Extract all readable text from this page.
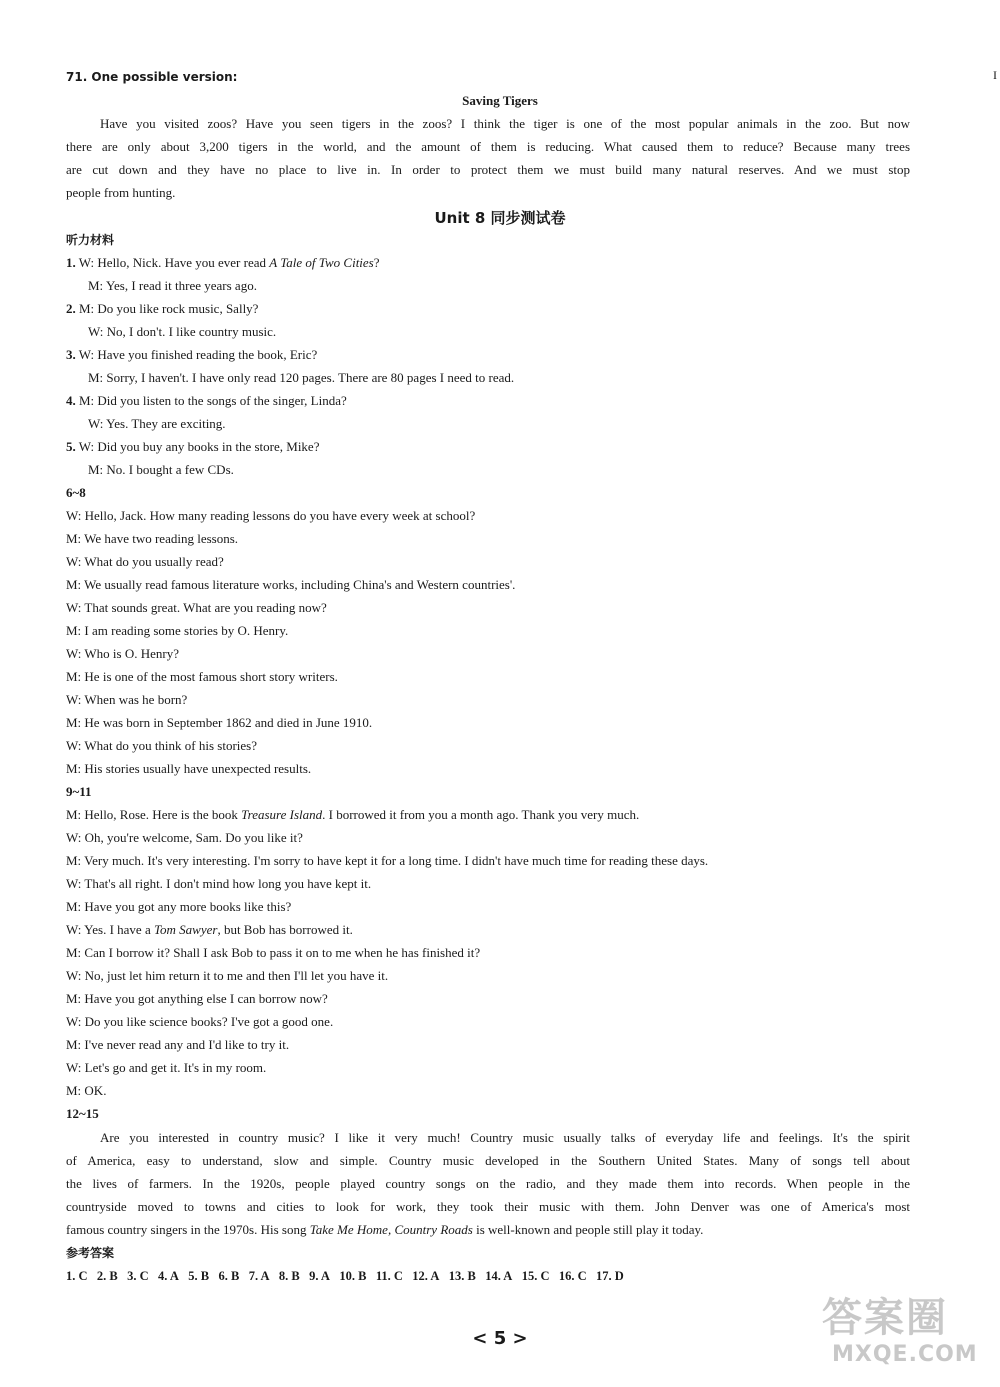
71. One possible version:	I
Saving Tigers
Have you visited zoos? Have you seen tigers in the zoos? I think the tiger is one of the most popular animals in the zoo. But now
there are only about 3,200 tigers in the world, and the amount of them is reducing. What caused them to reduce? Because many trees
are cut down and they have no place to live in. In order to protect them we must build many natural reserves. And we must stop
people from hunting.
Unit 8 同步测试卷
听力材料
1. W: Hello, Nick. Have you ever read A Tale of Two Cities?
M: Yes, I read it three years ago.
2. M: Do you like rock music, Sally?
W: No, I don't. I like country music.
3. W: Have you finished reading the book, Eric?
M: Sorry, I haven't. I have only read 120 pages. There are 80 pages I need to read.
4. M: Did you listen to the songs of the singer, Linda?
W: Yes. They are exciting.
5. W: Did you buy any books in the store, Mike?
M: No. I bought a few CDs.
6~8
W: Hello, Jack. How many reading lessons do you have every week at school?
M: We have two reading lessons.
W: What do you usually read?
M: We usually read famous literature works, including China's and Western countries'.
W: That sounds great. What are you reading now?
M: I am reading some stories by O. Henry.
W: Who is O. Henry?
M: He is one of the most famous short story writers.
W: When was he born?
M: He was born in September 1862 and died in June 1910.
W: What do you think of his stories?
M: His stories usually have unexpected results.
9~11
M: Hello, Rose. Here is the book Treasure Island. I borrowed it from you a month ago. Thank you very much.
W: Oh, you're welcome, Sam. Do you like it?
M: Very much. It's very interesting. I'm sorry to have kept it for a long time. I didn't have much time for reading these days.
W: That's all right. I don't mind how long you have kept it.
M: Have you got any more books like this?
W: Yes. I have a Tom Sawyer, but Bob has borrowed it.
M: Can I borrow it? Shall I ask Bob to pass it on to me when he has finished it?
W: No, just let him return it to me and then I'll let you have it.
M: Have you got anything else I can borrow now?
W: Do you like science books? I've got a good one.
M: I've never read any and I'd like to try it.
W: Let's go and get it. It's in my room.
M: OK.
12~15
Are you interested in country music? I like it very much! Country music usually talks of everyday life and feelings. It's the spirit
of America, easy to understand, slow and simple. Country music developed in the Southern United States. Many of songs tell about
the lives of farmers. In the 1920s, people played country songs on the radio, and they made them into records. When people in the
countryside moved to towns and cities to look for work, they took their music with them. John Denver was one of America's most
famous country singers in the 1970s. His song Take Me Home, Country Roads is well-known and people still play it today.
参考答案
1. C 2. B 3. C 4. A 5. B 6. B 7. A 8. B 9. A 10. B 11. C 12. A 13. B 14. A 15. C 16. C 17. D
< 5 >	答案圈
MXQE.COM
